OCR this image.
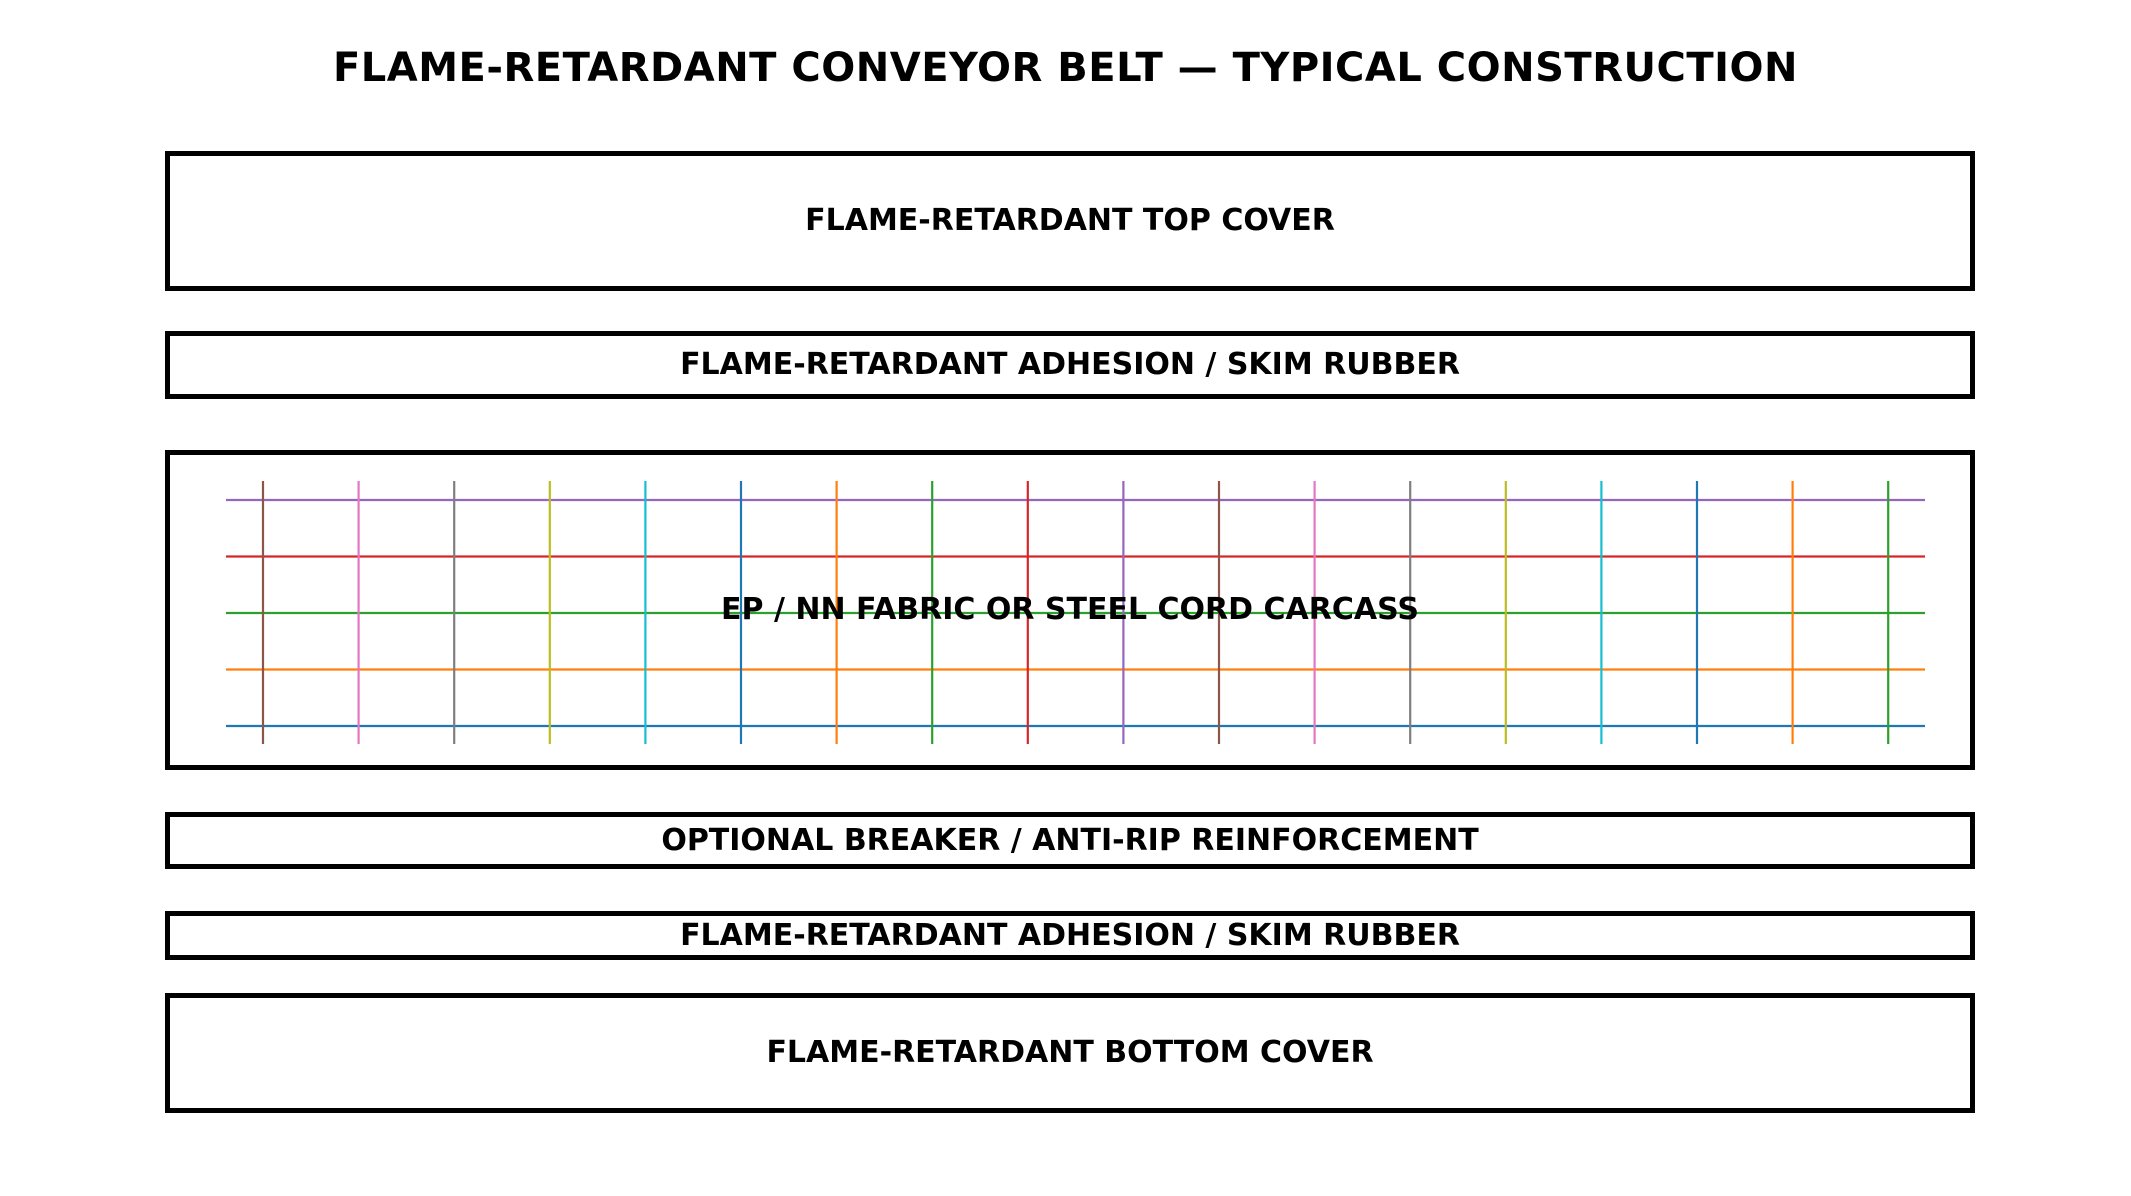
FLAME-RETARDANT CONVEYOR BELT — TYPICAL CONSTRUCTION
FLAME-RETARDANT TOP COVER
FLAME-RETARDANT ADHESION / SKIM RUBBER
EP / NN FABRIC OR STEEL CORD CARCASS
OPTIONAL BREAKER / ANTI-RIP REINFORCEMENT
FLAME-RETARDANT ADHESION / SKIM RUBBER
FLAME-RETARDANT BOTTOM COVER
